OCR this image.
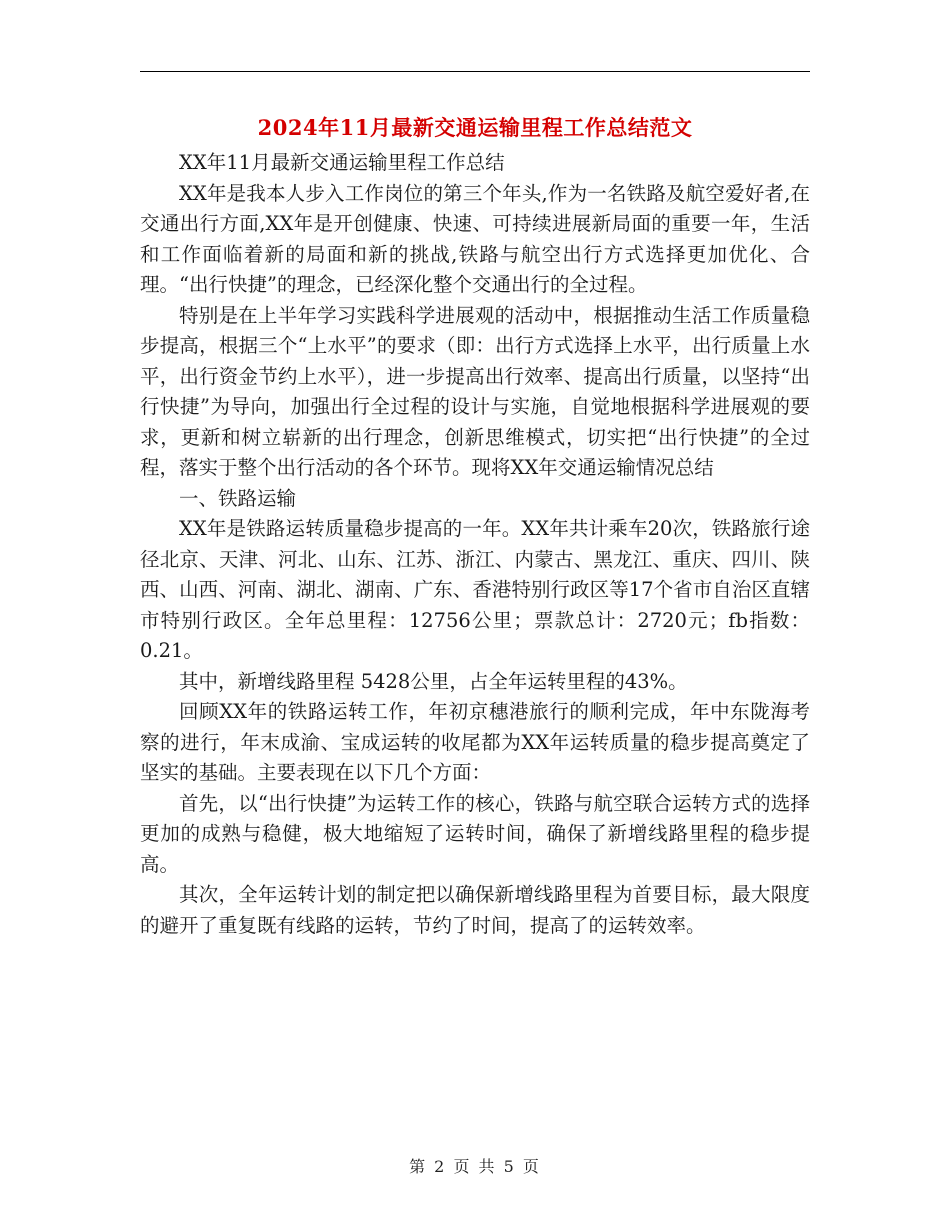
2024年11月最新交通运输里程工作总结范文

XX年11月最新交通运输里程工作总结

XX年是我本人步入工作岗位的第三个年头,作为一名铁路及航空爱好者,在交通出行方面,XX年是开创健康、快速、可持续进展新局面的重要一年，生活和工作面临着新的局面和新的挑战,铁路与航空出行方式选择更加优化、合理。“出行快捷”的理念，已经深化整个交通出行的全过程。

特别是在上半年学习实践科学进展观的活动中，根据推动生活工作质量稳步提高，根据三个“上水平”的要求（即：出行方式选择上水平，出行质量上水平，出行资金节约上水平），进一步提高出行效率、提高出行质量，以坚持“出行快捷”为导向，加强出行全过程的设计与实施，自觉地根据科学进展观的要求，更新和树立崭新的出行理念，创新思维模式，切实把“出行快捷”的全过程，落实于整个出行活动的各个环节。现将XX年交通运输情况总结

一、铁路运输

XX年是铁路运转质量稳步提高的一年。XX年共计乘车20次，铁路旅行途径北京、天津、河北、山东、江苏、浙江、内蒙古、黑龙江、重庆、四川、陕西、山西、河南、湖北、湖南、广东、香港特别行政区等17个省市自治区直辖市特别行政区。全年总里程：12756公里；票款总计：2720元；fb指数：0.21。

其中，新增线路里程 5428公里，占全年运转里程的43%。

回顾XX年的铁路运转工作，年初京穗港旅行的顺利完成，年中东陇海考察的进行，年末成渝、宝成运转的收尾都为XX年运转质量的稳步提高奠定了坚实的基础。主要表现在以下几个方面：

首先，以“出行快捷”为运转工作的核心，铁路与航空联合运转方式的选择更加的成熟与稳健，极大地缩短了运转时间，确保了新增线路里程的稳步提高。

其次，全年运转计划的制定把以确保新增线路里程为首要目标，最大限度的避开了重复既有线路的运转，节约了时间，提高了的运转效率。

第 2 页 共 5 页
